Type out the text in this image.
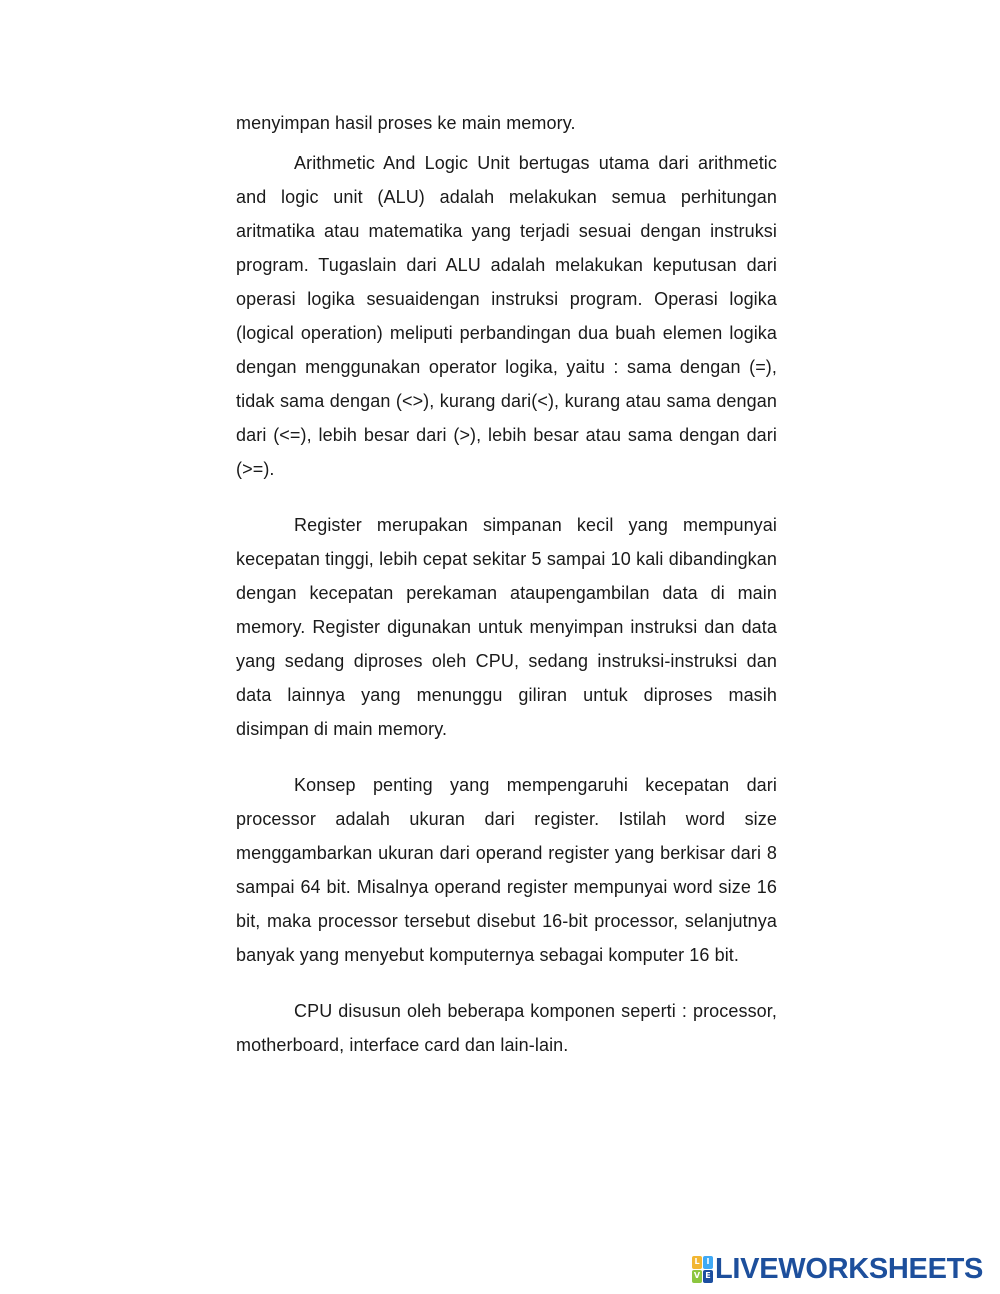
menyimpan hasil proses ke main memory.

Arithmetic And Logic Unit bertugas utama dari arithmetic and logic unit (ALU) adalah melakukan semua perhitungan aritmatika atau matematika yang terjadi sesuai dengan instruksi program. Tugaslain dari ALU adalah melakukan keputusan dari operasi logika sesuaidengan instruksi program. Operasi logika (logical operation) meliputi perbandingan dua buah elemen logika dengan menggunakan operator logika, yaitu : sama dengan (=), tidak sama dengan (<>), kurang dari(<), kurang atau sama dengan dari (<=), lebih besar dari (>), lebih besar atau sama dengan dari (>=).

Register merupakan simpanan kecil yang mempunyai kecepatan tinggi, lebih cepat sekitar 5 sampai 10 kali dibandingkan dengan kecepatan perekaman ataupengambilan data di main memory. Register digunakan untuk menyimpan instruksi dan data yang sedang diproses oleh CPU, sedang instruksi-instruksi dan data lainnya yang menunggu giliran untuk diproses masih disimpan di main memory.

Konsep penting yang mempengaruhi kecepatan dari processor adalah ukuran dari register. Istilah word size menggambarkan ukuran dari operand register yang berkisar dari 8 sampai 64 bit. Misalnya operand register mempunyai word size 16 bit, maka processor tersebut disebut 16-bit processor, selanjutnya banyak yang menyebut komputernya sebagai komputer 16 bit.

CPU disusun oleh beberapa komponen seperti : processor, motherboard, interface card dan lain-lain.

L I
V E LIVEWORKSHEETS
